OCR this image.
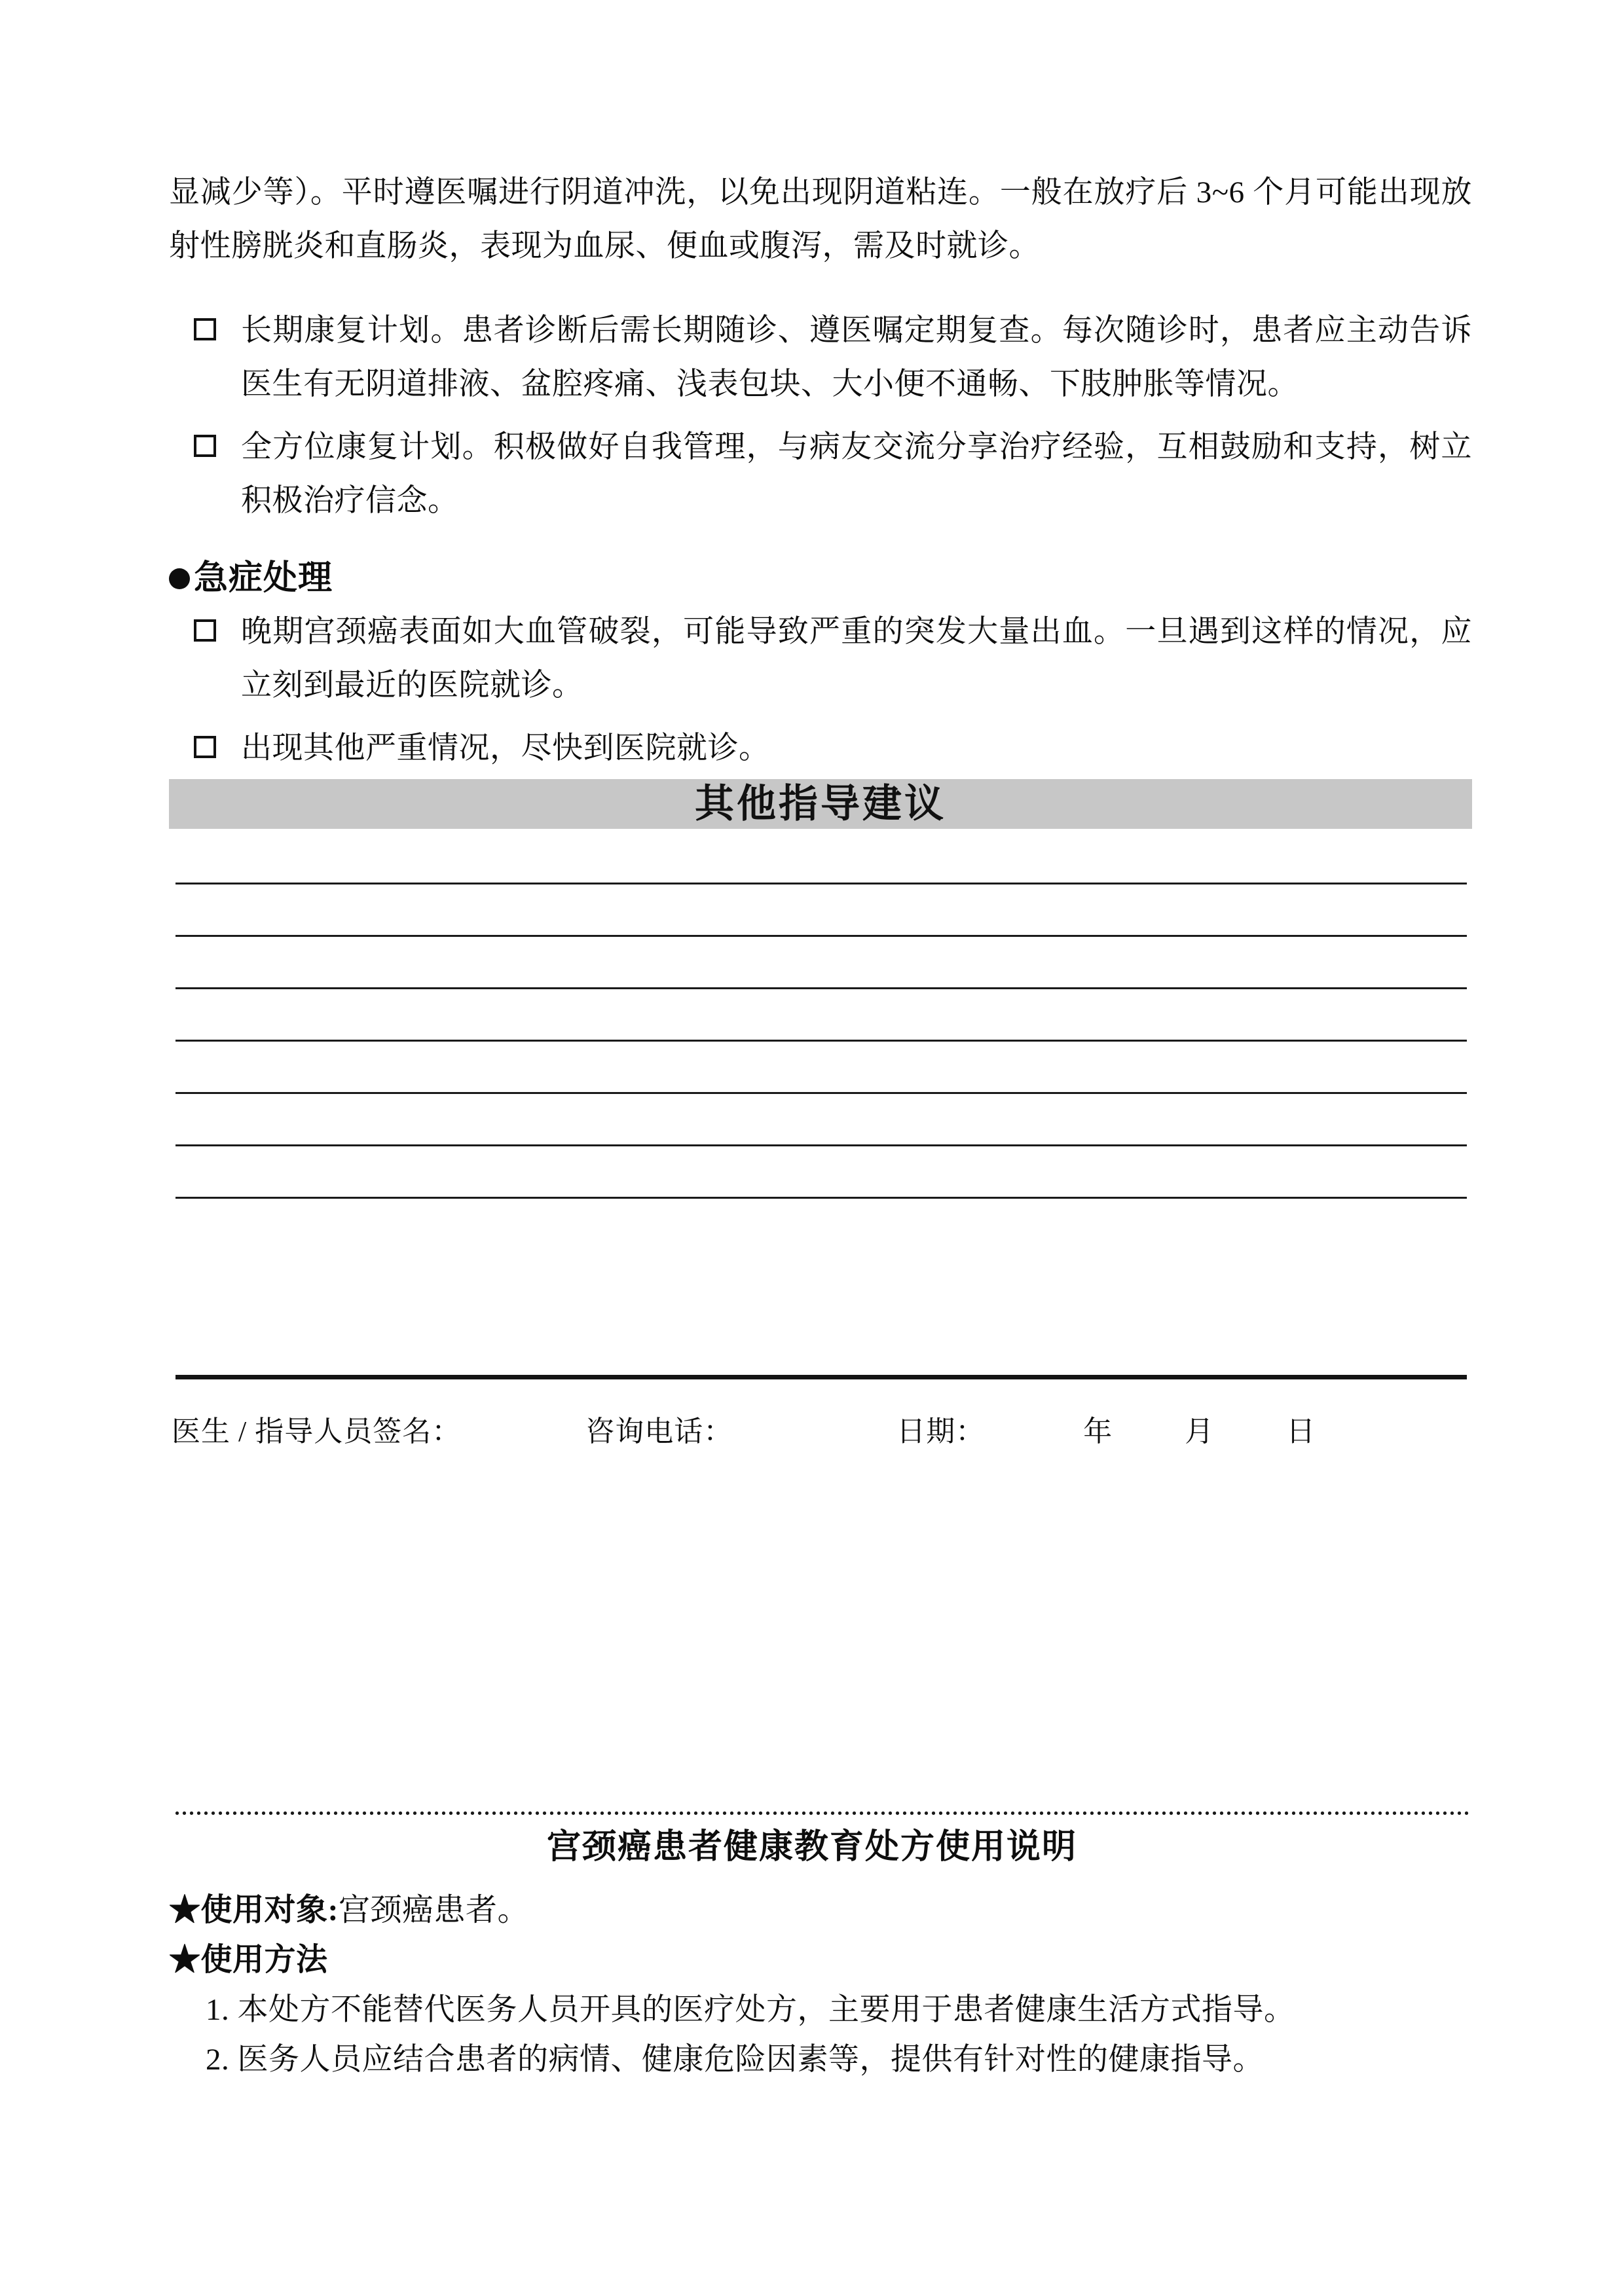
显减少等）。平时遵医嘱进行阴道冲洗，以免出现阴道粘连。一般在放疗后 3~6 个月可能出现放射性膀胱炎和直肠炎，表现为血尿、便血或腹泻，需及时就诊。

长期康复计划。患者诊断后需长期随诊、遵医嘱定期复查。每次随诊时，患者应主动告诉医生有无阴道排液、盆腔疼痛、浅表包块、大小便不通畅、下肢肿胀等情况。
全方位康复计划。积极做好自我管理，与病友交流分享治疗经验，互相鼓励和支持，树立积极治疗信念。
急症处理
晚期宫颈癌表面如大血管破裂，可能导致严重的突发大量出血。一旦遇到这样的情况，应立刻到最近的医院就诊。
出现其他严重情况，尽快到医院就诊。
其他指导建议
医生 / 指导人员签名：	咨询电话：	日期：	年	月	日
宫颈癌患者健康教育处方使用说明
★使用对象:宫颈癌患者。
★使用方法
1. 本处方不能替代医务人员开具的医疗处方，主要用于患者健康生活方式指导。
2. 医务人员应结合患者的病情、健康危险因素等，提供有针对性的健康指导。
